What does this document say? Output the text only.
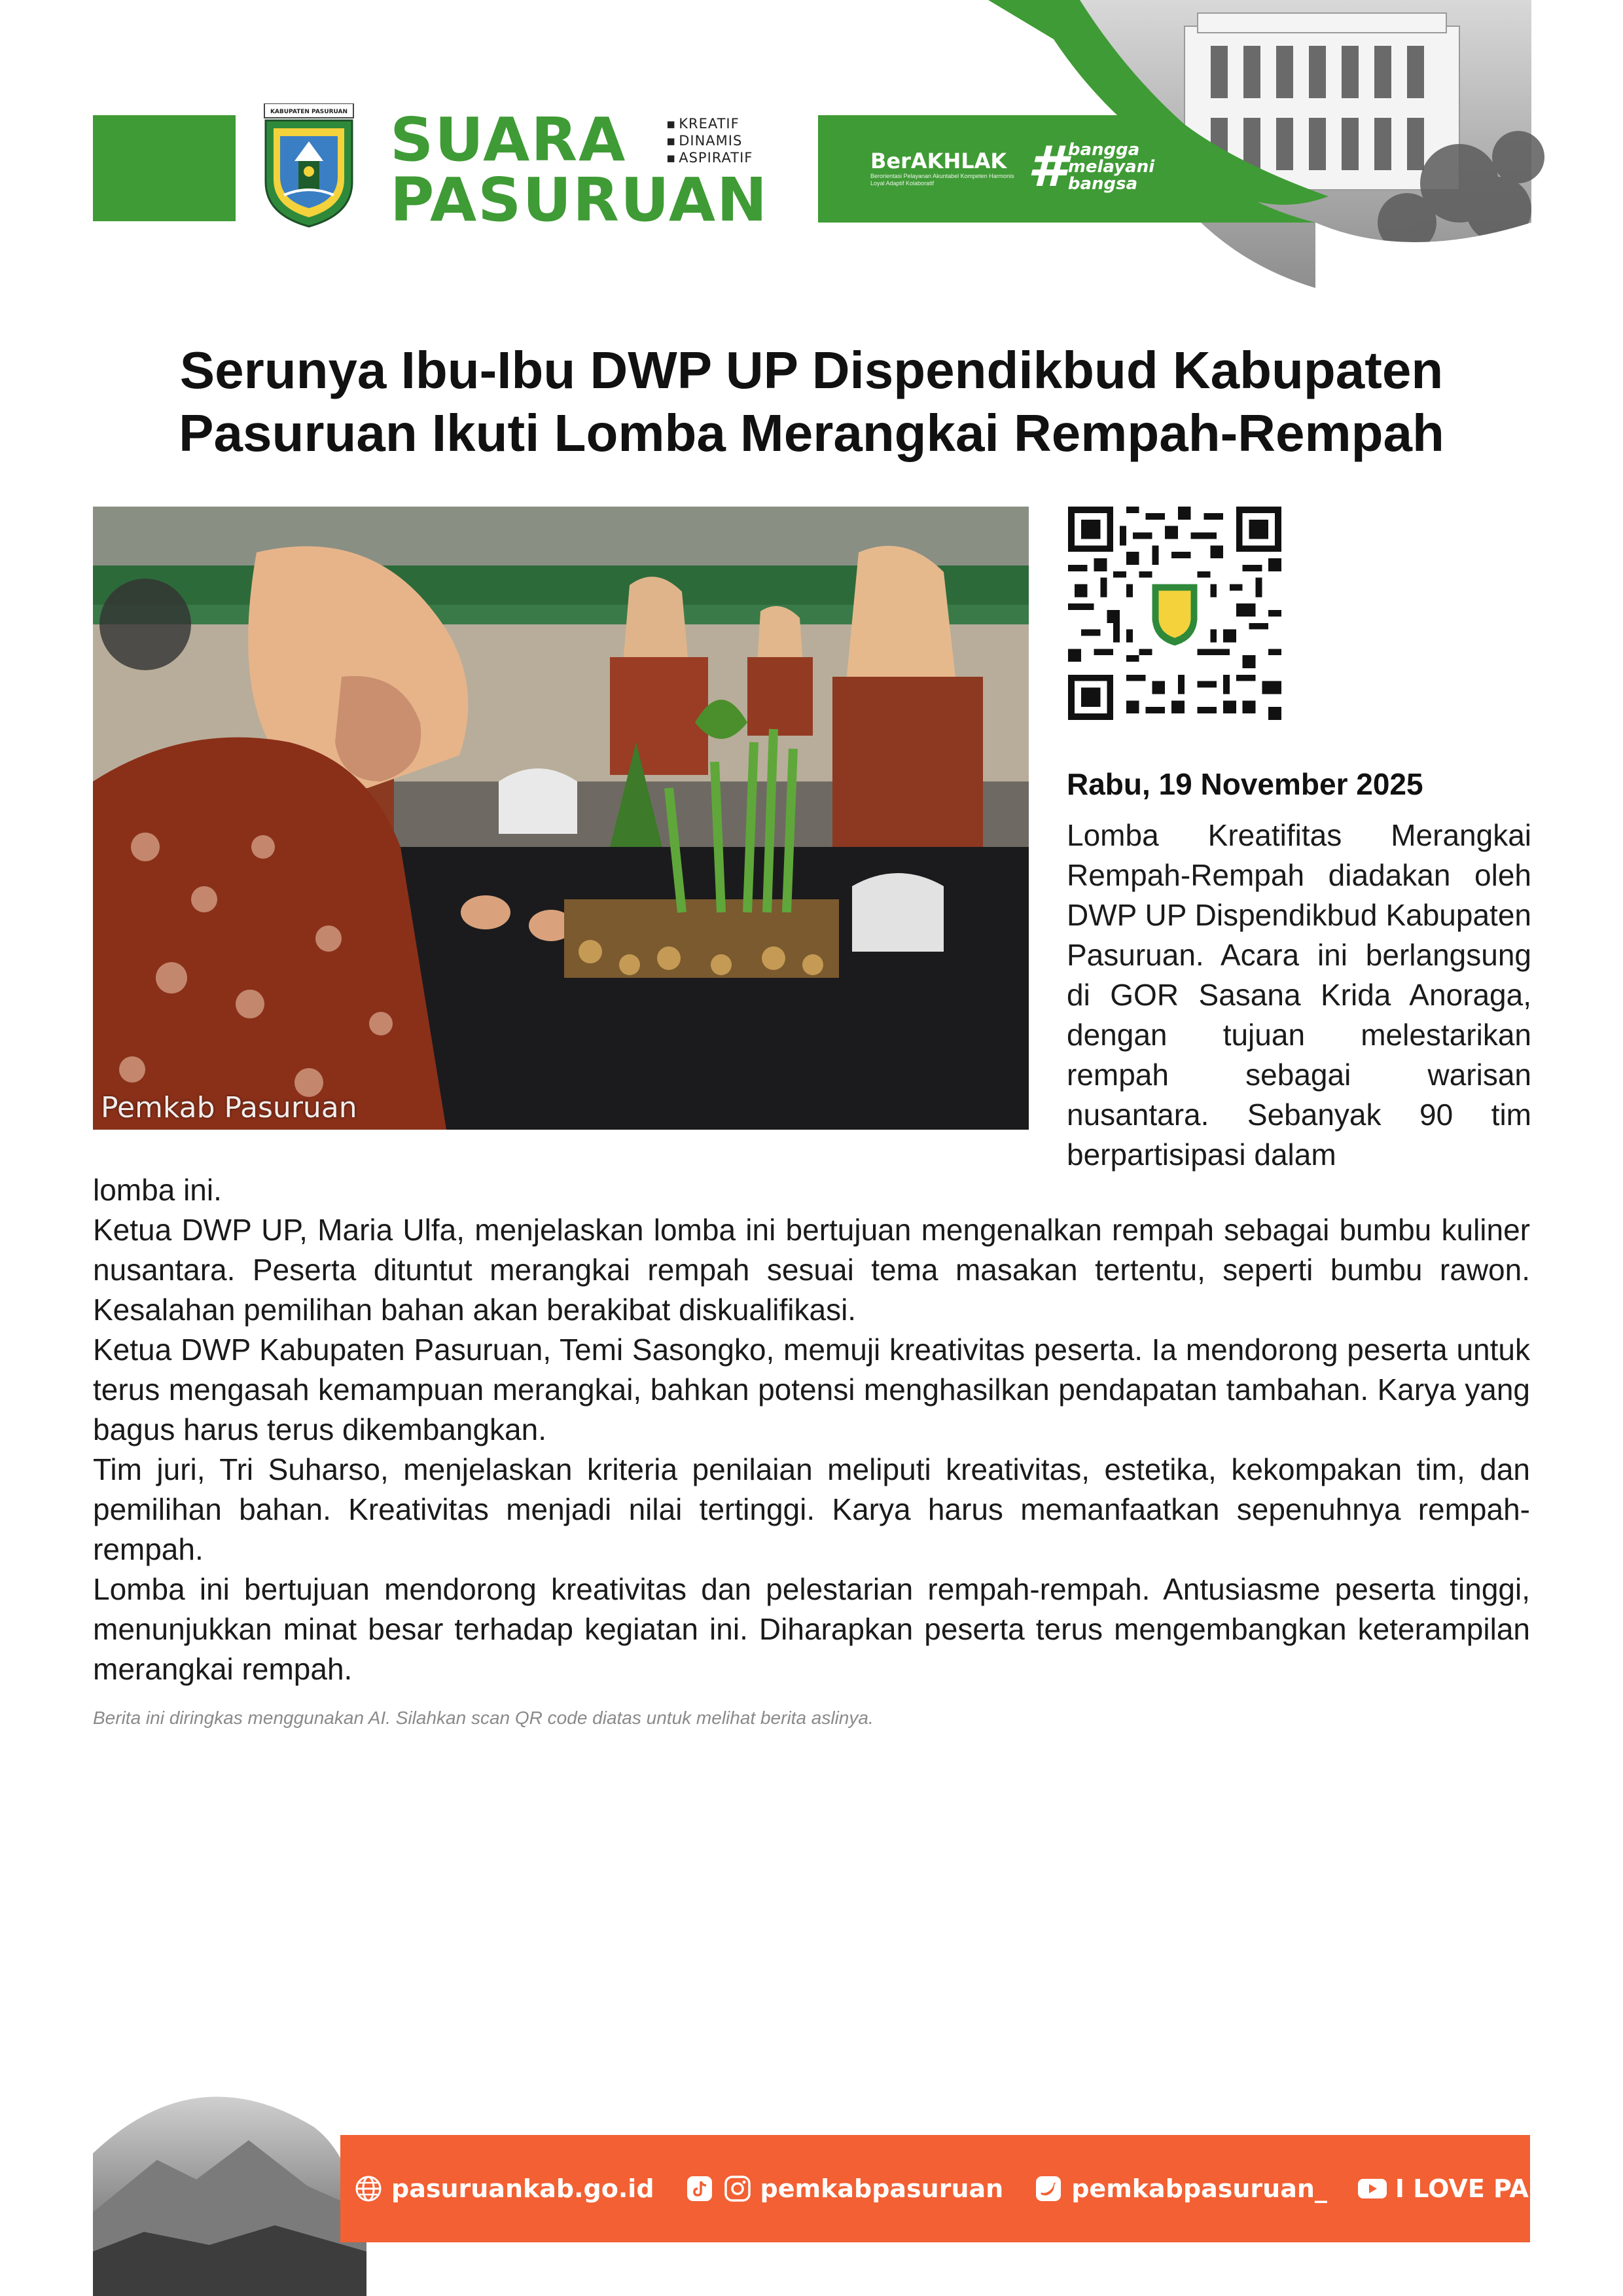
KABUPATEN PASURUAN SUARA
PASURUAN
▪ KREATIF
▪ DINAMIS
▪ ASPIRATIF	BerAKHLAK
Berorientasi Pelayanan Akuntabel Kompeten Harmonis Loyal Adaptif Kolaboratif	# bangga
melayani
bangsa
Serunya Ibu-Ibu DWP UP Dispendikbud Kabupaten
Pasuruan Ikuti Lomba Merangkai Rempah-Rempah
Pemkab Pasuruan
Rabu, 19 November 2025
Lomba Kreatifitas Merangkai Rempah-Rempah diadakan oleh DWP UP Dispendikbud Kabupaten Pasuruan. Acara ini berlangsung di GOR Sasana Krida Anoraga, dengan tujuan melestarikan rempah sebagai warisan nusantara. Sebanyak 90 tim berpartisipasi dalam

lomba ini.

Ketua DWP UP, Maria Ulfa, menjelaskan lomba ini bertujuan mengenalkan rempah sebagai bumbu kuliner nusantara. Peserta dituntut merangkai rempah sesuai tema masakan tertentu, seperti bumbu rawon. Kesalahan pemilihan bahan akan berakibat diskualifikasi.

Ketua DWP Kabupaten Pasuruan, Temi Sasongko, memuji kreativitas peserta. Ia mendorong peserta untuk terus mengasah kemampuan merangkai, bahkan potensi menghasilkan pendapatan tambahan. Karya yang bagus harus terus dikembangkan.

Tim juri, Tri Suharso, menjelaskan kriteria penilaian meliputi kreativitas, estetika, kekompakan tim, dan pemilihan bahan. Kreativitas menjadi nilai tertinggi. Karya harus memanfaatkan sepenuhnya rempah-rempah.

Lomba ini bertujuan mendorong kreativitas dan pelestarian rempah-rempah. Antusiasme peserta tinggi, menunjukkan minat besar terhadap kegiatan ini. Diharapkan peserta terus mengembangkan keterampilan merangkai rempah.

Berita ini diringkas menggunakan AI. Silahkan scan QR code diatas untuk melihat berita aslinya.
pasuruankab.go.id	pemkabpasuruan	pemkabpasuruan_	I LOVE PAS TV
